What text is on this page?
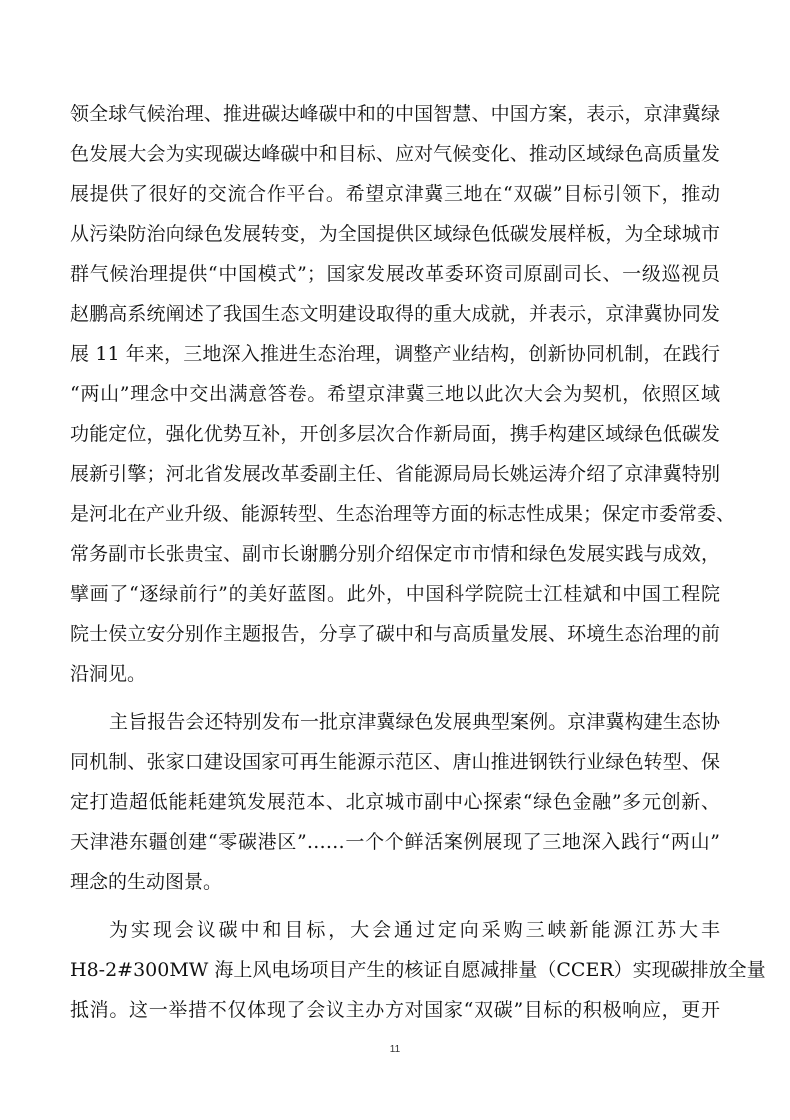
领全球气候治理、推进碳达峰碳中和的中国智慧、中国方案，表示，京津冀绿
色发展大会为实现碳达峰碳中和目标、应对气候变化、推动区域绿色高质量发
展提供了很好的交流合作平台。希望京津冀三地在“双碳”目标引领下，推动
从污染防治向绿色发展转变，为全国提供区域绿色低碳发展样板，为全球城市
群气候治理提供“中国模式”；国家发展改革委环资司原副司长、一级巡视员
赵鹏高系统阐述了我国生态文明建设取得的重大成就，并表示，京津冀协同发
展 11 年来，三地深入推进生态治理，调整产业结构，创新协同机制，在践行
“两山”理念中交出满意答卷。希望京津冀三地以此次大会为契机，依照区域
功能定位，强化优势互补，开创多层次合作新局面，携手构建区域绿色低碳发
展新引擎；河北省发展改革委副主任、省能源局局长姚运涛介绍了京津冀特别
是河北在产业升级、能源转型、生态治理等方面的标志性成果；保定市委常委、
常务副市长张贵宝、副市长谢鹏分别介绍保定市市情和绿色发展实践与成效，
擘画了“逐绿前行”的美好蓝图。此外，中国科学院院士江桂斌和中国工程院
院士侯立安分别作主题报告，分享了碳中和与高质量发展、环境生态治理的前
沿洞见。
主旨报告会还特别发布一批京津冀绿色发展典型案例。京津冀构建生态协
同机制、张家口建设国家可再生能源示范区、唐山推进钢铁行业绿色转型、保
定打造超低能耗建筑发展范本、北京城市副中心探索“绿色金融”多元创新、
天津港东疆创建“零碳港区”……一个个鲜活案例展现了三地深入践行“两山”
理念的生动图景。
为实现会议碳中和目标，大会通过定向采购三峡新能源江苏大丰
H8-2#300MW 海上风电场项目产生的核证自愿减排量（CCER）实现碳排放全量
抵消。这一举措不仅体现了会议主办方对国家“双碳”目标的积极响应，更开
11
